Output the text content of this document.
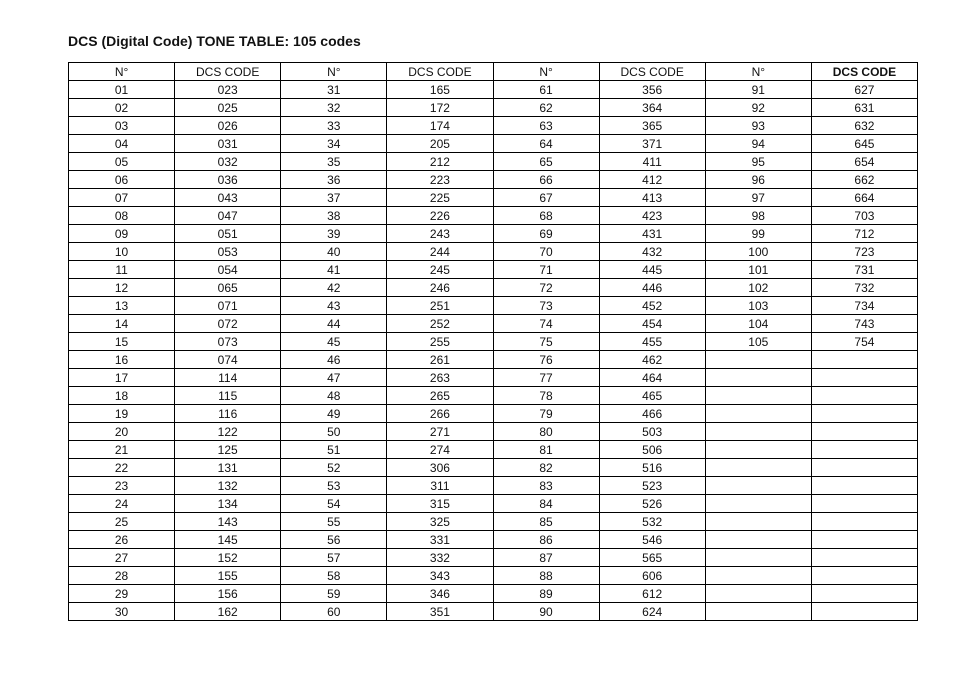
DCS (Digital Code) TONE TABLE: 105 codes
N°	DCS CODE	N°	DCS CODE	N°	DCS CODE	N°	DCS CODE
01	023	31	165	61	356	91	627
02	025	32	172	62	364	92	631
03	026	33	174	63	365	93	632
04	031	34	205	64	371	94	645
05	032	35	212	65	411	95	654
06	036	36	223	66	412	96	662
07	043	37	225	67	413	97	664
08	047	38	226	68	423	98	703
09	051	39	243	69	431	99	712
10	053	40	244	70	432	100	723
11	054	41	245	71	445	101	731
12	065	42	246	72	446	102	732
13	071	43	251	73	452	103	734
14	072	44	252	74	454	104	743
15	073	45	255	75	455	105	754
16	074	46	261	76	462		
17	114	47	263	77	464		
18	115	48	265	78	465		
19	116	49	266	79	466		
20	122	50	271	80	503		
21	125	51	274	81	506		
22	131	52	306	82	516		
23	132	53	311	83	523		
24	134	54	315	84	526		
25	143	55	325	85	532		
26	145	56	331	86	546		
27	152	57	332	87	565		
28	155	58	343	88	606		
29	156	59	346	89	612		
30	162	60	351	90	624		
